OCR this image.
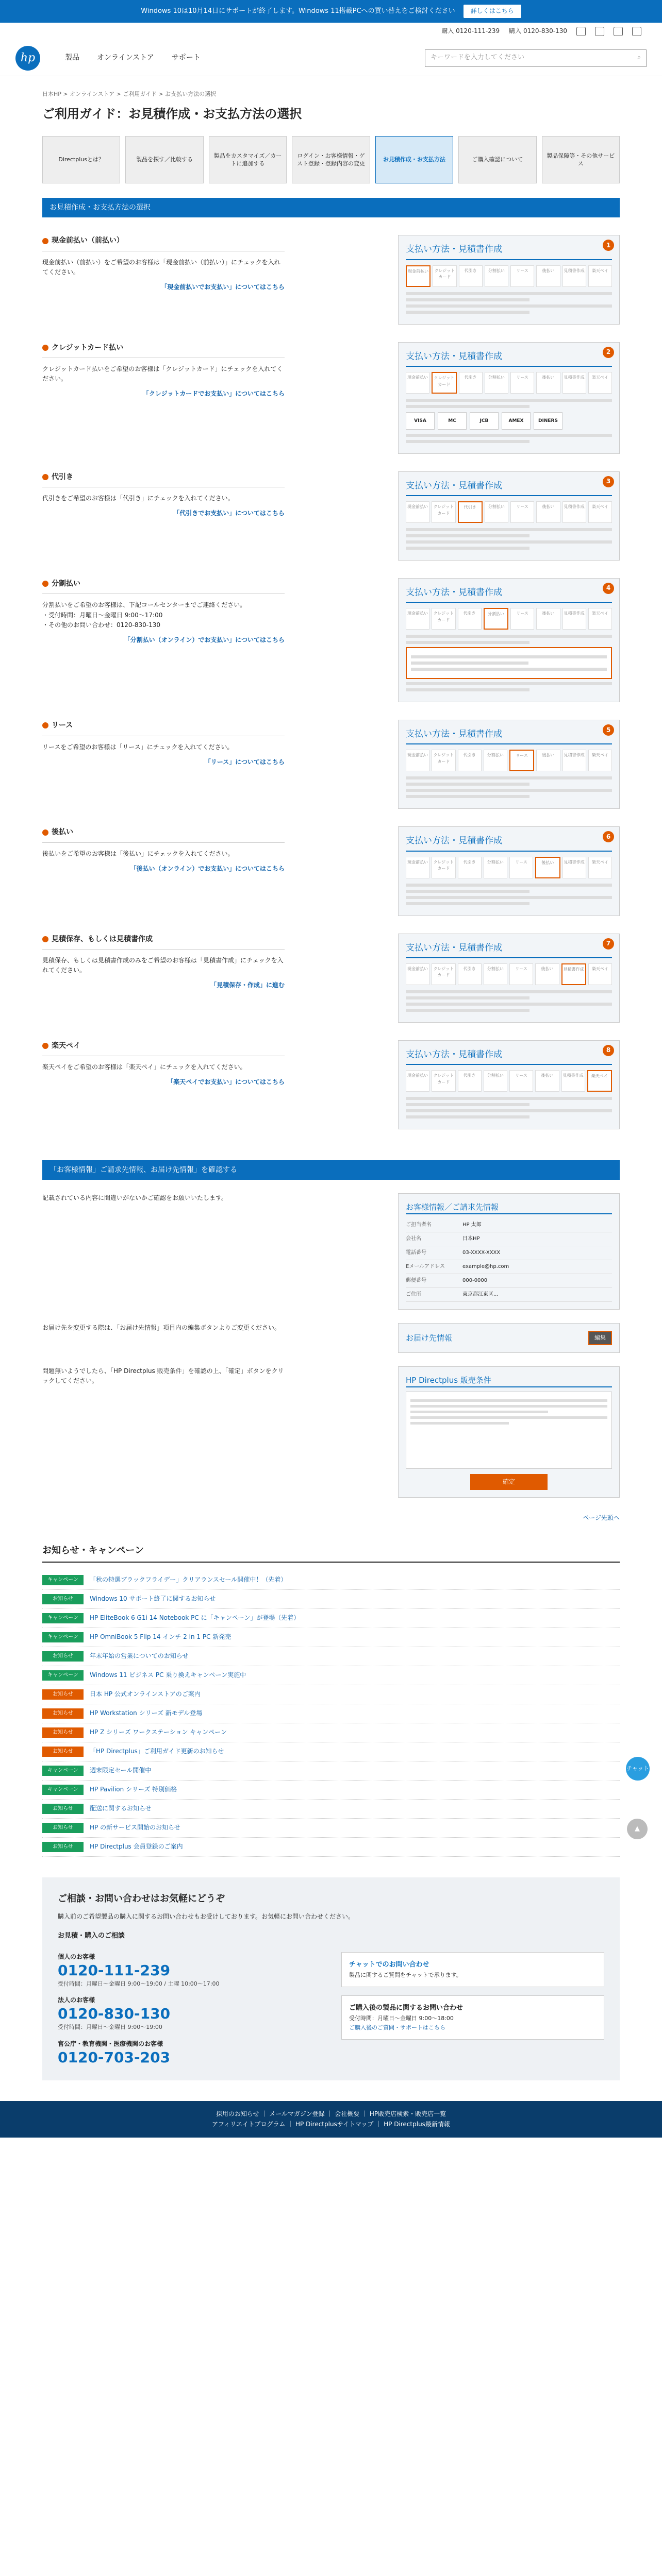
Windows 10は10月14日にサポートが終了します。Windows 11搭載PCへの買い替えをご検討ください	詳しくはこちら
購入 0120-111-239 購入 0120-830-130
hp	製品 オンラインストア サポート	キーワードを入力してください	⌕
日本HP > オンラインストア > ご利用ガイド > お支払い方法の選択
ご利用ガイド：お見積作成・お支払方法の選択
Directplusとは？	製品を探す／比較する
製品をカスタマイズ／カートに追加する
ログイン・お客様情報・ゲスト登録・登録内容の変更
お見積作成・お支払方法	ご購入確認について
製品保障等・その他サービス
お見積作成・お支払方法の選択
現金前払い（前払い）

現金前払い（前払い）をご希望のお客様は「現金前払い（前払い）」にチェックを入れてください。

「現金前払いでお支払い」についてはこちら
支払い方法・見積書作成
現金前払い	クレジットカード
代引き	分割払い	リース	後払い	見積書作成	楽天ペイ
1
クレジットカード払い

クレジットカード払いをご希望のお客様は「クレジットカード」にチェックを入れてください。

「クレジットカードでお支払い」についてはこちら
支払い方法・見積書作成
現金前払い	クレジットカード
代引き	分割払い	リース	後払い	見積書作成	楽天ペイ
VISA	MC	JCB	AMEX	DINERS
2
代引き

代引きをご希望のお客様は「代引き」にチェックを入れてください。

「代引きでお支払い」についてはこちら
支払い方法・見積書作成
現金前払い	クレジットカード
代引き	分割払い	リース	後払い	見積書作成	楽天ペイ
3
分割払い

分割払いをご希望のお客様は、下記コールセンターまでご連絡ください。

・受付時間：月曜日〜金曜日 9:00〜17:00
・その他のお問い合わせ：0120-830-130
「分割払い（オンライン）でお支払い」についてはこちら
支払い方法・見積書作成
現金前払い	クレジットカード
代引き	分割払い	リース	後払い	見積書作成	楽天ペイ
4
リース

リースをご希望のお客様は「リース」にチェックを入れてください。

「リース」についてはこちら
支払い方法・見積書作成
現金前払い	クレジットカード
代引き	分割払い	リース	後払い	見積書作成	楽天ペイ
5
後払い

後払いをご希望のお客様は「後払い」にチェックを入れてください。

「後払い（オンライン）でお支払い」についてはこちら
支払い方法・見積書作成
現金前払い	クレジットカード
代引き	分割払い	リース	後払い	見積書作成	楽天ペイ
6
見積保存、もしくは見積書作成

見積保存、もしくは見積書作成のみをご希望のお客様は「見積書作成」にチェックを入れてください。

「見積保存・作成」に進む
支払い方法・見積書作成
現金前払い	クレジットカード
代引き	分割払い	リース	後払い	見積書作成	楽天ペイ
7
楽天ペイ

楽天ペイをご希望のお客様は「楽天ペイ」にチェックを入れてください。

「楽天ペイでお支払い」についてはこちら
支払い方法・見積書作成
現金前払い	クレジットカード
代引き	分割払い	リース	後払い	見積書作成	楽天ペイ
8
「お客様情報」ご請求先情報、お届け先情報」を確認する

記載されている内容に間違いがないかご確認をお願いいたします。

お客様情報／ご請求先情報
ご担当者名	HP 太郎
会社名	日本HP
電話番号	03-XXXX-XXXX
Eメールアドレス	example@hp.com
郵便番号	000-0000
ご住所	東京都江東区...

お届け先を変更する際は、「お届け先情報」項目内の編集ボタンよりご変更ください。

お届け先情報	編集

問題無いようでしたら、「HP Directplus 販売条件」を確認の上、「確定」ボタンをクリックしてください。	HP Directplus 販売条件
確定
ページ先頭へ
お知らせ・キャンペーン
キャンペーン	「秋の特選ブラックフライデー」クリアランスセール開催中！（先着）
お知らせ	Windows 10 サポート終了に関するお知らせ
キャンペーン	HP EliteBook 6 G1i 14 Notebook PC に「キャンペーン」が登場（先着）
キャンペーン	HP OmniBook 5 Flip 14 インチ 2 in 1 PC 新発売
お知らせ	年末年始の営業についてのお知らせ
キャンペーン	Windows 11 ビジネス PC 乗り換えキャンペーン実施中
お知らせ	日本 HP 公式オンラインストアのご案内
お知らせ	HP Workstation シリーズ 新モデル登場
お知らせ	HP Z シリーズ ワークステーション キャンペーン
お知らせ	「HP Directplus」ご利用ガイド更新のお知らせ
キャンペーン	週末限定セール開催中
キャンペーン	HP Pavilion シリーズ 特別価格
お知らせ	配送に関するお知らせ
お知らせ	HP の新サービス開始のお知らせ
お知らせ	HP Directplus 会員登録のご案内
ご相談・お問い合わせはお気軽にどうぞ

購入前のご希望製品の購入に関するお問い合わせもお受けしております。お気軽にお問い合わせください。

お見積・購入のご相談
個人のお客様
0120-111-239
受付時間：月曜日〜金曜日 9:00〜19:00 / 土曜 10:00〜17:00
法人のお客様
0120-830-130
受付時間：月曜日〜金曜日 9:00〜19:00
官公庁・教育機関・医療機関のお客様
0120-703-203
チャットでのお問い合わせ
製品に関するご質問をチャットで承ります。
ご購入後の製品に関するお問い合わせ
受付時間：月曜日〜金曜日 9:00〜18:00
ご購入後のご質問・サポートはこちら
チャット
▲
採用のお知らせ ｜ メールマガジン登録 ｜ 会社概要 ｜ HP販売店検索・販売店一覧
アフィリエイトプログラム ｜ HP Directplusサイトマップ ｜ HP Directplus最新情報
